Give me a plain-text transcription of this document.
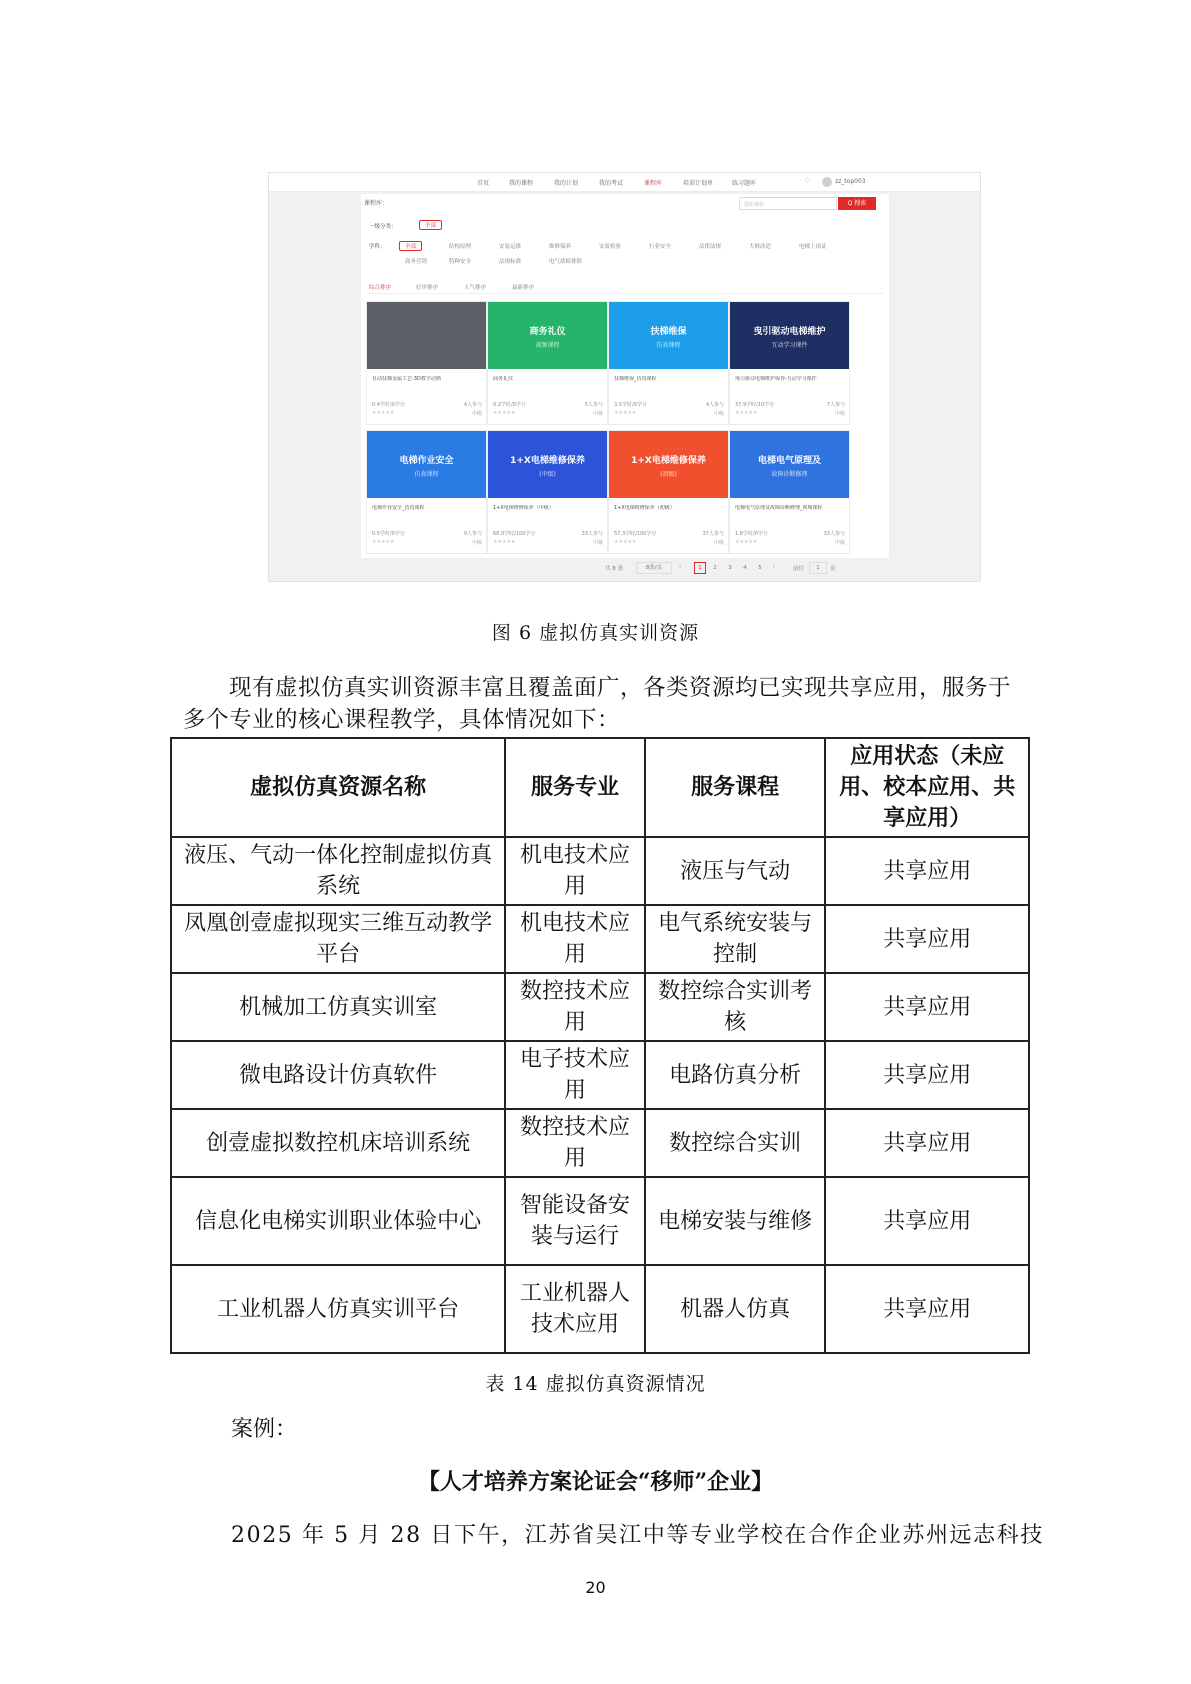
首页	我的课程	我的计划	我的考试	课程库	培训计划单	练习题库	♢	zz_top003
课程库：	搜索课程	Q 搜索
一级分类：	全部
学科：	全部	结构原理	安装运维	维修保养	安装检验	行业安全	法律法规	大修改造	电梯上岗证
商务营销	特种安全	法规标准	电气故障排除
综合排序	好评排序	人气排序	最新排序
自动扶梯金属工艺-3D教学动画
0.4学时/0学分	4人参与
★★★★★	中级
商务礼仪
视频课程
商务礼仪
0.2学时/0学分	5人参与
★★★★★	中级
扶梯维保
仿真课程
扶梯维保_仿真课程
3.5学时/0学分	4人参与
★★★★★	中级
曳引驱动电梯维护
互动学习课件
曳引驱动电梯维护保养-互动学习课件
37.9学时/10学分	7人参与
★★★★★	中级
电梯作业安全
仿真课程
电梯作业安全_仿真课程
0.5学时/0学分	9人参与
★★★★★	中级
1+X电梯维修保养
(中级)
1+X电梯维修保养（中级）
68.0学时/100学分	33人参与
★★★★★	中级
1+X电梯维修保养
(初级)
1+X电梯维修保养（初级）
57.3学时/100学分	37人参与
★★★★★	中级
电梯电气原理及
故障诊断修理
电梯电气原理及故障诊断修理_视频课程
1.8学时/0学分	33人参与
★★★★★	中级
共 8 条	8条/页	‹	1	2	3	4	5	›	前往	1	页
图 6 虚拟仿真实训资源
现有虚拟仿真实训资源丰富且覆盖面广，各类资源均已实现共享应用，服务于多个专业的核心课程教学，具体情况如下：
虚拟仿真资源名称	服务专业	服务课程	应用状态（未应用、校本应用、共享应用）
液压、气动一体化控制虚拟仿真系统	机电技术应用	液压与气动	共享应用
凤凰创壹虚拟现实三维互动教学平台	机电技术应用	电气系统安装与控制	共享应用
机械加工仿真实训室	数控技术应用	数控综合实训考核	共享应用
微电路设计仿真软件	电子技术应用	电路仿真分析	共享应用
创壹虚拟数控机床培训系统	数控技术应用	数控综合实训	共享应用
信息化电梯实训职业体验中心	智能设备安装与运行	电梯安装与维修	共享应用
工业机器人仿真实训平台	工业机器人技术应用	机器人仿真	共享应用
表 14 虚拟仿真资源情况
案例：
【人才培养方案论证会“移师”企业】
2025 年 5 月 28 日下午，江苏省吴江中等专业学校在合作企业苏州远志科技
20
